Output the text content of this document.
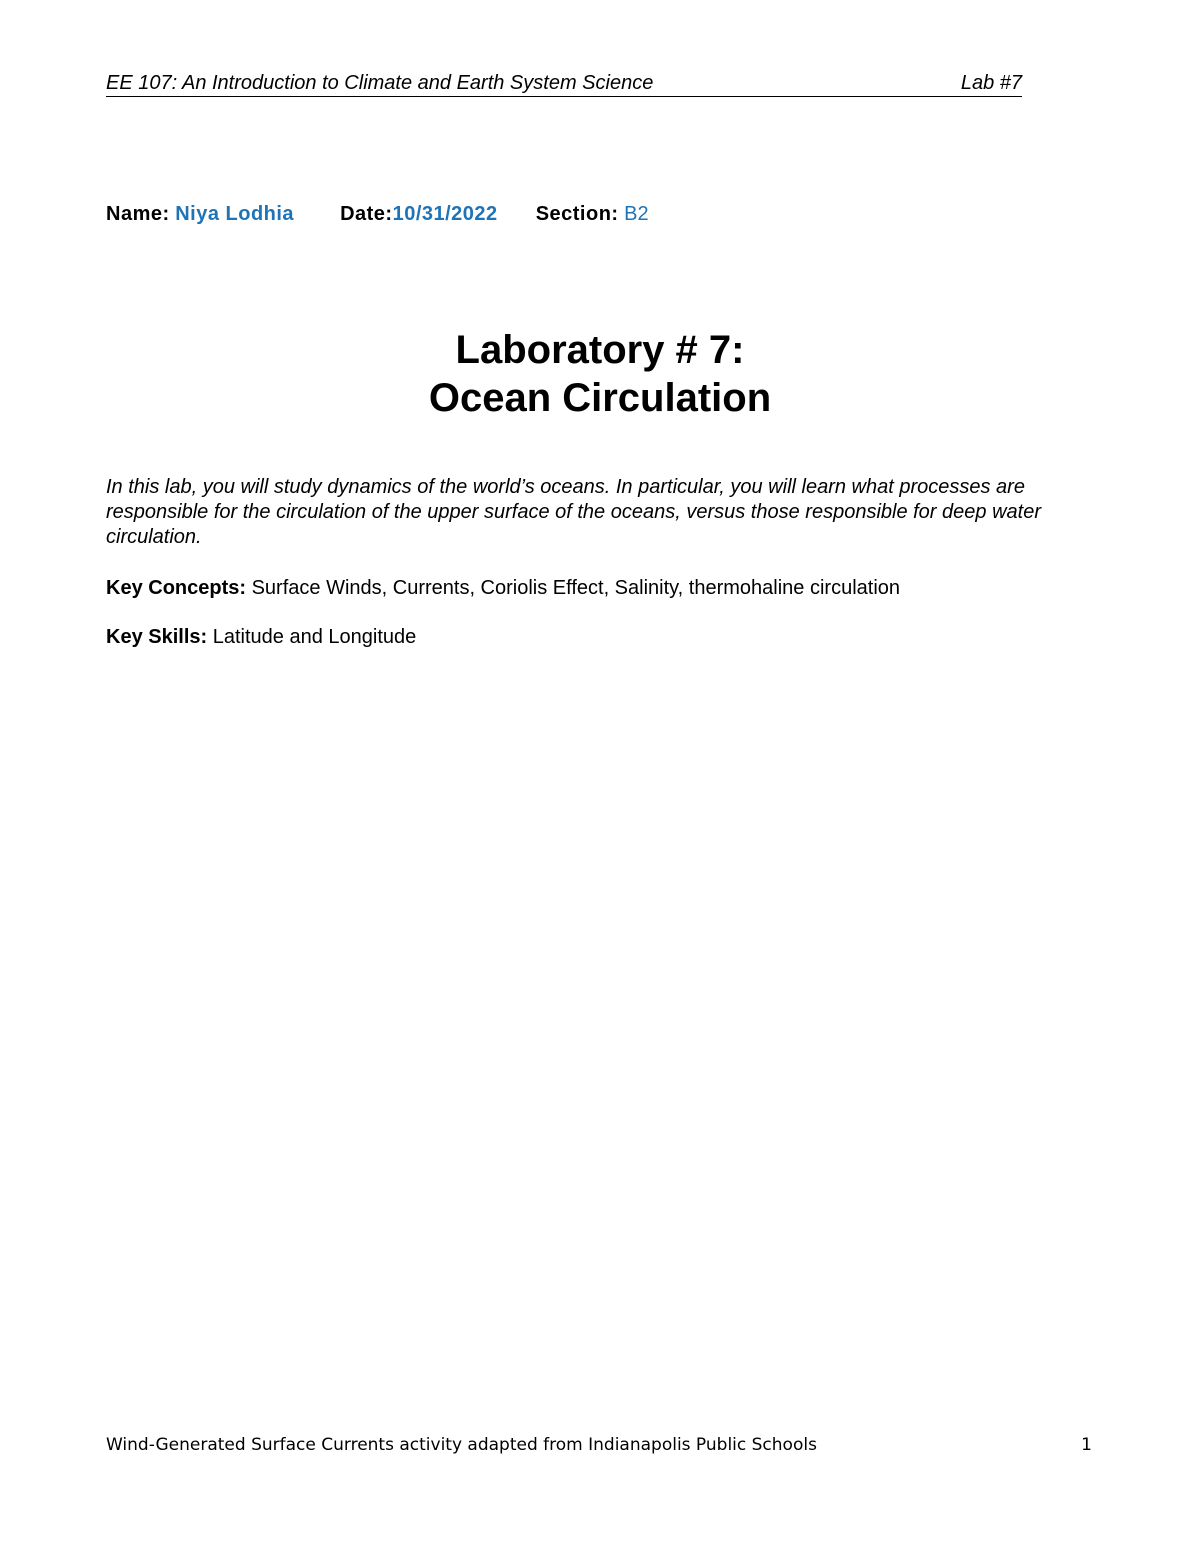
EE 107: An Introduction to Climate and Earth System Science	Lab #7
Name: Niya Lodhia Date:10/31/2022 Section: B2
Laboratory # 7:
Ocean Circulation
In this lab, you will study dynamics of the world’s oceans. In particular, you will learn what processes are responsible for the circulation of the upper surface of the oceans, versus those responsible for deep water circulation.
Key Concepts: Surface Winds, Currents, Coriolis Effect, Salinity, thermohaline circulation
Key Skills: Latitude and Longitude
Wind-Generated Surface Currents activity adapted from Indianapolis Public Schools	1
